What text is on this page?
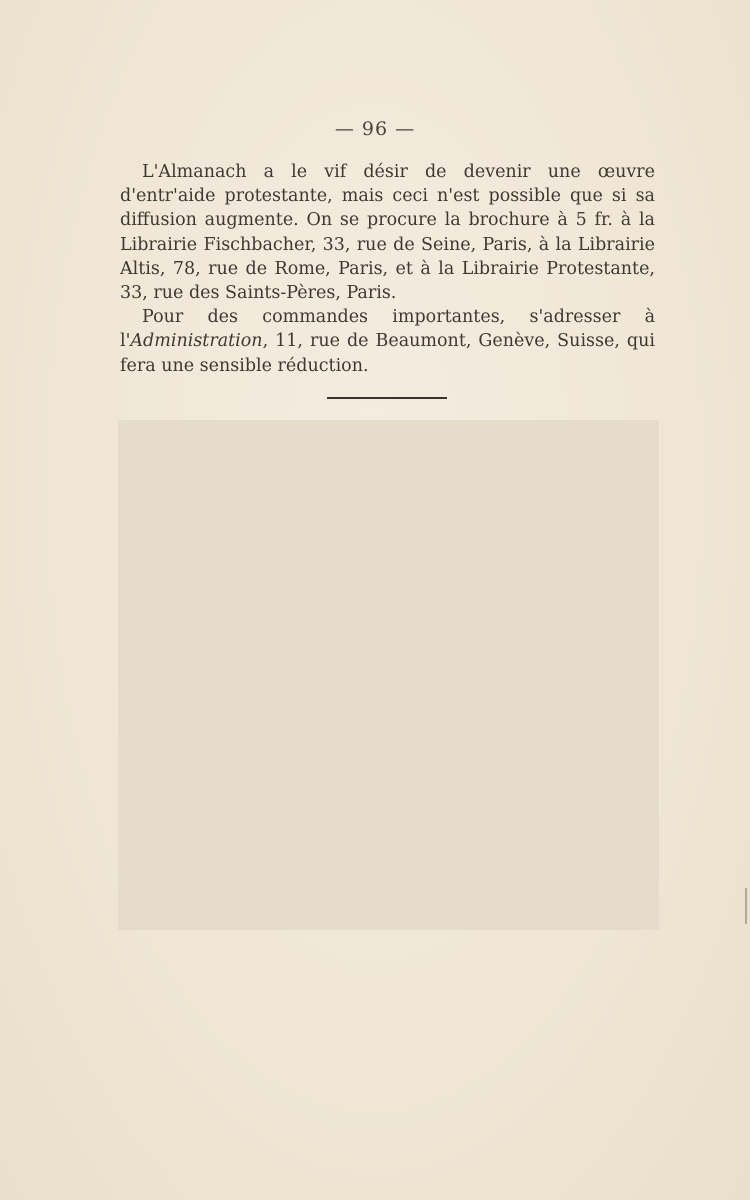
— 96 —

L'Almanach a le vif désir de devenir une œuvre d'entr'aide protestante, mais ceci n'est possible que si sa diffusion augmente. On se procure la brochure à 5 fr. à la Librairie Fischbacher, 33, rue de Seine, Paris, à la Librairie Altis, 78, rue de Rome, Paris, et à la Librairie Protestante, 33, rue des Saints-Pères, Paris.

Pour des commandes importantes, s'adresser à l'Administration, 11, rue de Beaumont, Genève, Suisse, qui fera une sensible réduction.
